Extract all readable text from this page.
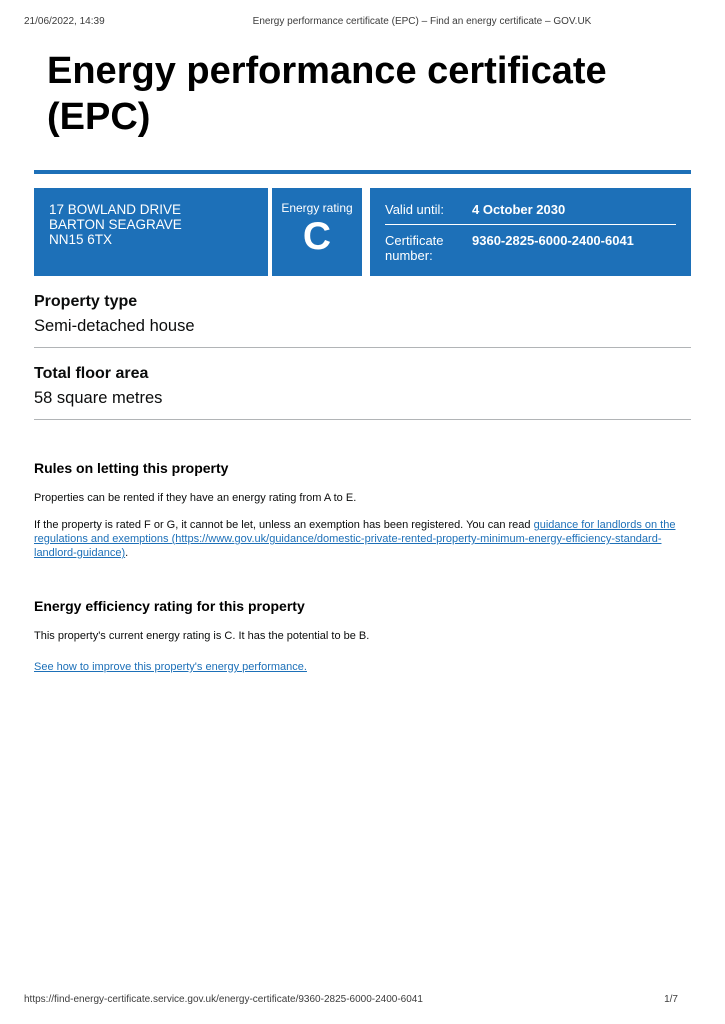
21/06/2022, 14:39	Energy performance certificate (EPC) – Find an energy certificate – GOV.UK
Energy performance certificate (EPC)
17 BOWLAND DRIVE
BARTON SEAGRAVE
NN15 6TX
Energy rating
C
Valid until:	4 October 2030
Certificate number:
9360-2825-6000-2400-6041
Property type
Semi-detached house
Total floor area
58 square metres
Rules on letting this property

Properties can be rented if they have an energy rating from A to E.

If the property is rated F or G, it cannot be let, unless an exemption has been registered. You can read guidance for landlords on the regulations and exemptions (https://www.gov.uk/guidance/domestic-private-rented-property-minimum-energy-efficiency-standard-landlord-guidance).

Energy efficiency rating for this property

This property's current energy rating is C. It has the potential to be B.

See how to improve this property's energy performance.

https://find-energy-certificate.service.gov.uk/energy-certificate/9360-2825-6000-2400-6041	1/7
